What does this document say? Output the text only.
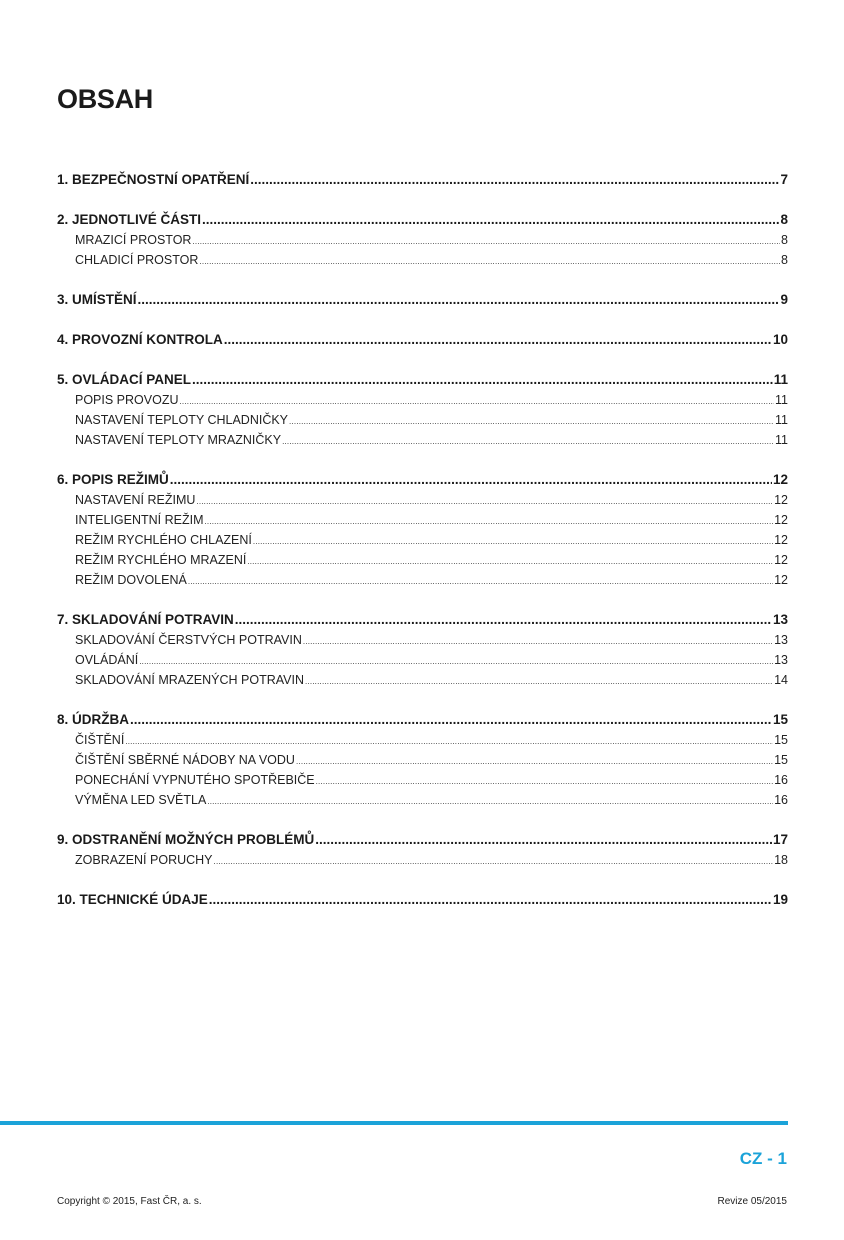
OBSAH
1. BEZPEČNOSTNÍ OPATŘENÍ .....	7
2. JEDNOTLIVÉ ČÁSTI .....	8
MRAZICÍ PROSTOR .....	8
CHLADICÍ PROSTOR .....	8
3. UMÍSTĚNÍ .....	9
4. PROVOZNÍ KONTROLA .....	10
5. OVLÁDACÍ PANEL .....	11
POPIS PROVOZU .....	11
NASTAVENÍ TEPLOTY CHLADNIČKY .....	11
NASTAVENÍ TEPLOTY MRAZNIČKY .....	11
6. POPIS REŽIMŮ .....	12
NASTAVENÍ REŽIMU .....	12
INTELIGENTNÍ REŽIM .....	12
REŽIM RYCHLÉHO CHLAZENÍ .....	12
REŽIM RYCHLÉHO MRAZENÍ .....	12
REŽIM DOVOLENÁ .....	12
7. SKLADOVÁNÍ POTRAVIN .....	13
SKLADOVÁNÍ ČERSTVÝCH POTRAVIN .....	13
OVLÁDÁNÍ .....	13
SKLADOVÁNÍ MRAZENÝCH POTRAVIN .....	14
8. ÚDRŽBA .....	15
ČIŠTĚNÍ .....	15
ČIŠTĚNÍ SBĚRNÉ NÁDOBY NA VODU .....	15
PONECHÁNÍ VYPNUTÉHO SPOTŘEBIČE .....	16
VÝMĚNA LED SVĚTLA .....	16
9. ODSTRANĚNÍ MOŽNÝCH PROBLÉMŮ .....	17
ZOBRAZENÍ PORUCHY .....	18
10. TECHNICKÉ ÚDAJE .....	19
CZ - 1
Copyright © 2015, Fast ČR, a. s.	Revize 05/2015
